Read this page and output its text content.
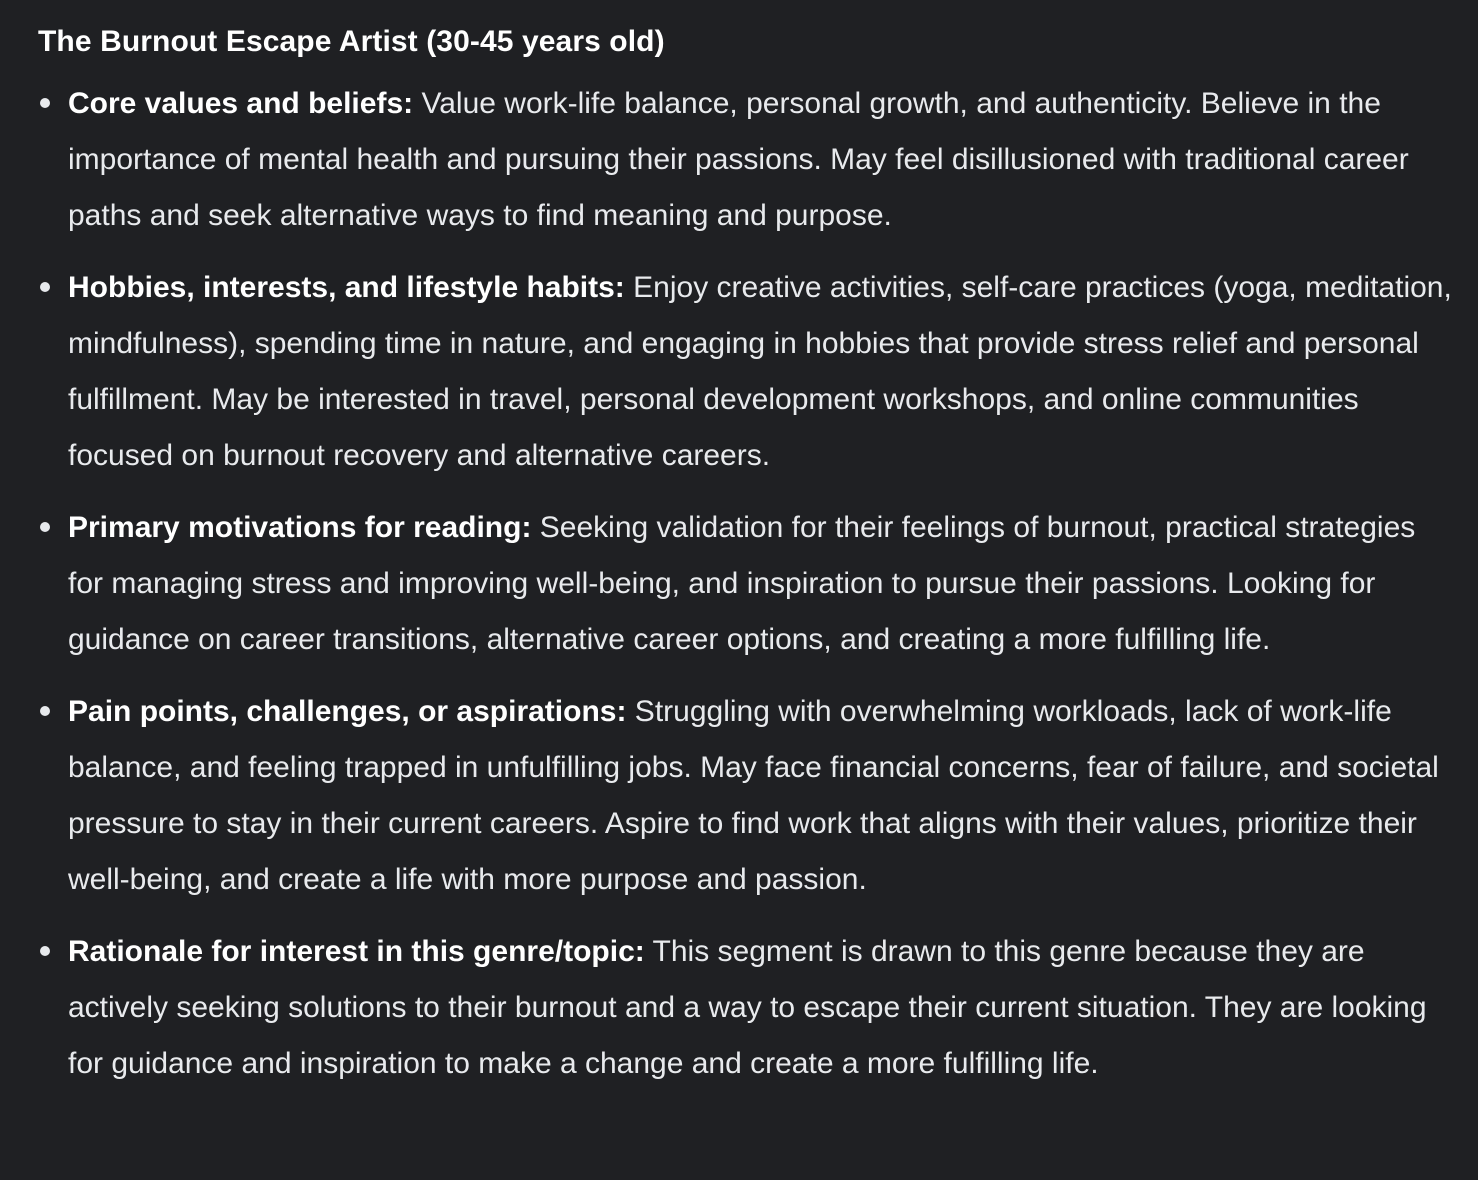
The Burnout Escape Artist (30-45 years old)
Core values and beliefs: Value work-life balance, personal growth, and authenticity. Believe in the importance of mental health and pursuing their passions. May feel disillusioned with traditional career paths and seek alternative ways to find meaning and purpose.
Hobbies, interests, and lifestyle habits: Enjoy creative activities, self-care practices (yoga, meditation, mindfulness), spending time in nature, and engaging in hobbies that provide stress relief and personal fulfillment. May be interested in travel, personal development workshops, and online communities focused on burnout recovery and alternative careers.
Primary motivations for reading: Seeking validation for their feelings of burnout, practical strategies for managing stress and improving well-being, and inspiration to pursue their passions. Looking for guidance on career transitions, alternative career options, and creating a more fulfilling life.
Pain points, challenges, or aspirations: Struggling with overwhelming workloads, lack of work-life balance, and feeling trapped in unfulfilling jobs. May face financial concerns, fear of failure, and societal pressure to stay in their current careers. Aspire to find work that aligns with their values, prioritize their well-being, and create a life with more purpose and passion.
Rationale for interest in this genre/topic: This segment is drawn to this genre because they are actively seeking solutions to their burnout and a way to escape their current situation. They are looking for guidance and inspiration to make a change and create a more fulfilling life.
